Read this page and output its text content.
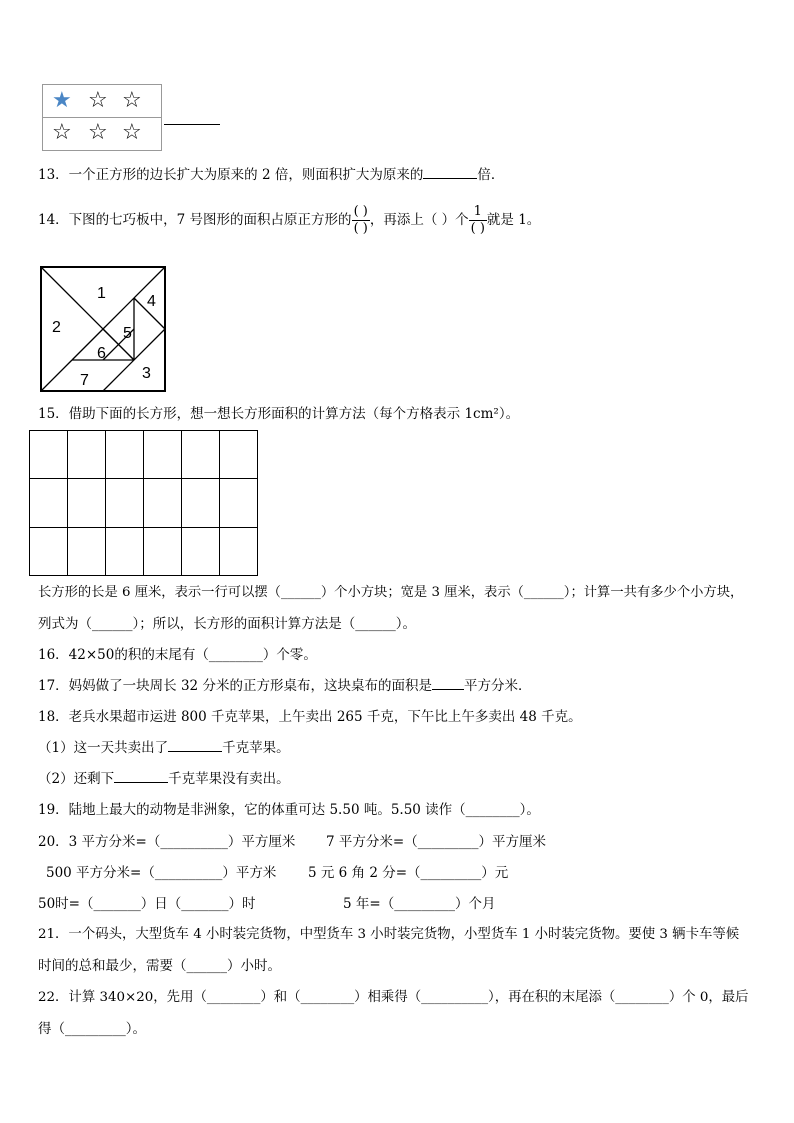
★ ☆ ☆
☆ ☆ ☆
13．一个正方形的边长扩大为原来的 2 倍，则面积扩大为原来的	倍．
14．下图的七巧板中，7 号图形的面积占原正方形的 $\frac{( )}{( )}$ ，再添上（ ）个 $\frac{1}{( )}$ 就是 1。
1
2
3
4
5
6
7
15．借助下面的长方形，想一想长方形面积的计算方法（每个方格表示 1cm²）。
长方形的长是 6 厘米，表示一行可以摆（______）个小方块；宽是 3 厘米，表示（______）；计算一共有多少个小方块，
列式为（______）；所以，长方形的面积计算方法是（______）。
16．42×50的积的末尾有（________）个零。
17．妈妈做了一块周长 32 分米的正方形桌布，这块桌布的面积是 平方分米．
18．老兵水果超市运进 800 千克苹果，上午卖出 265 千克，下午比上午多卖出 48 千克。
（1）这一天共卖出了	千克苹果。
（2）还剩下	千克苹果没有卖出。
19．陆地上最大的动物是非洲象，它的体重可达 5.50 吨。5.50 读作（________）。
20．3 平方分米=（__________）平方厘米 7 平方分米=（_________）平方厘米
500 平方分米=（__________）平方米 5 元 6 角 2 分=（_________）元
50时=（_______）日（_______）时	5 年=（_________）个月
21．一个码头，大型货车 4 小时装完货物，中型货车 3 小时装完货物，小型货车 1 小时装完货物。要使 3 辆卡车等候
时间的总和最少，需要（______）小时。
22．计算 340×20，先用（________）和（________）相乘得（__________），再在积的末尾添（________）个 0，最后
得（_________）。
